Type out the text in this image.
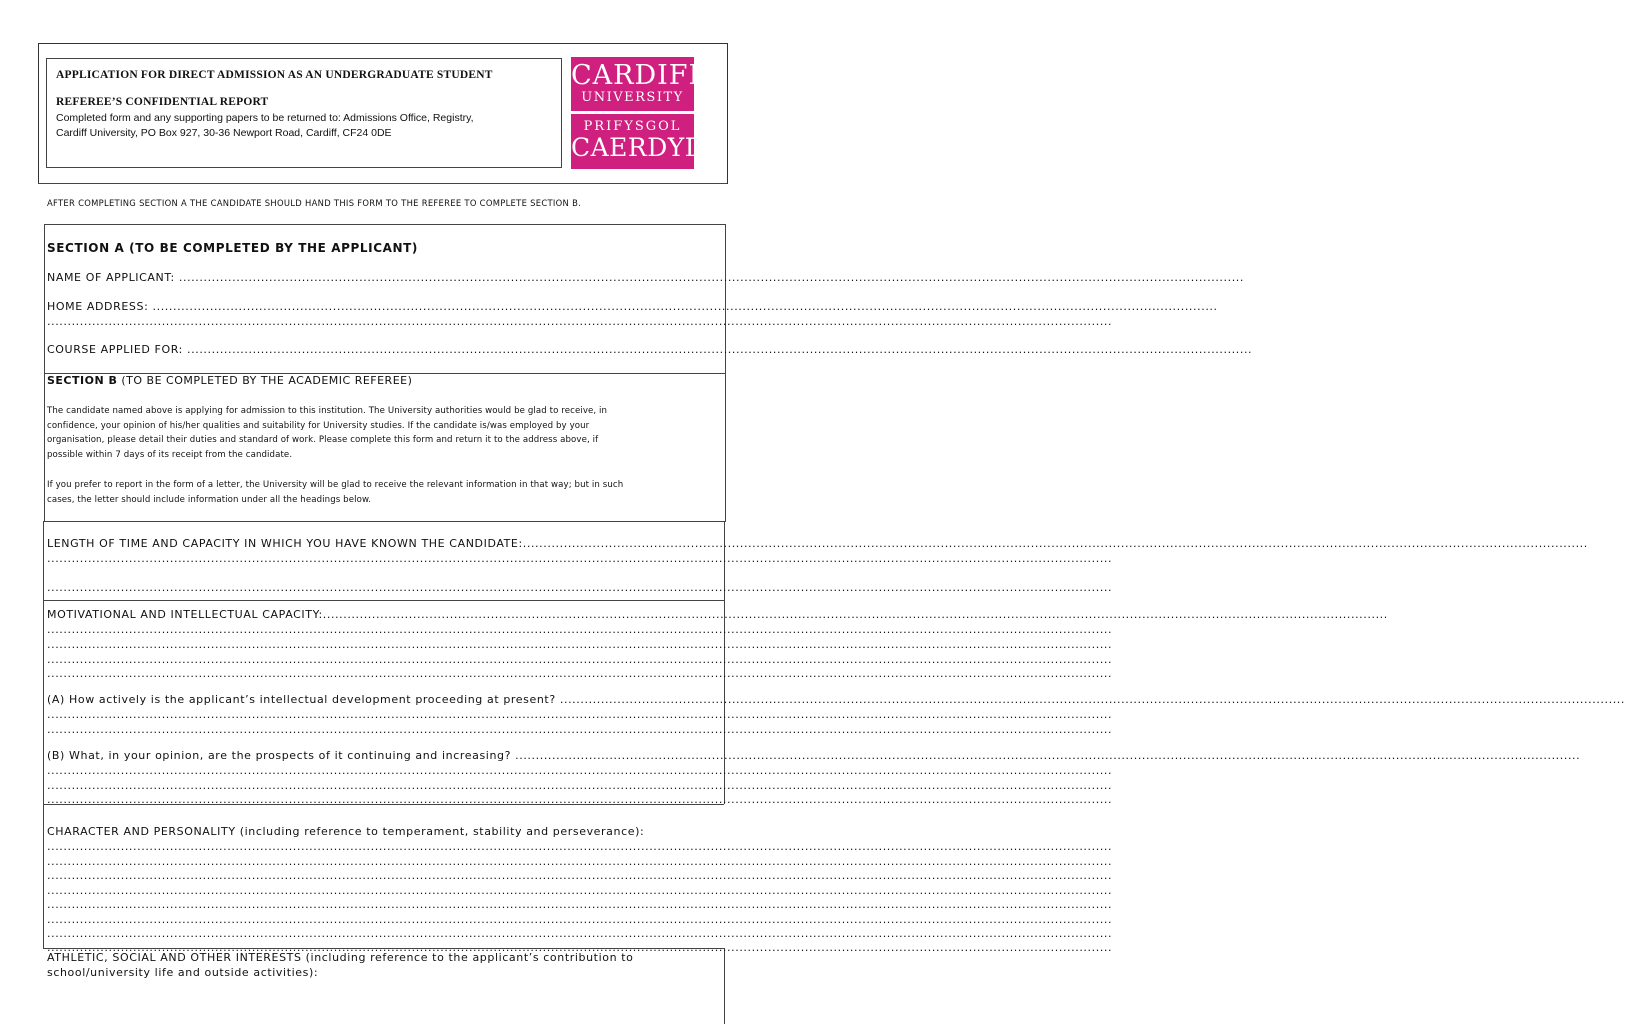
APPLICATION FOR DIRECT ADMISSION AS AN UNDERGRADUATE STUDENT
REFEREE’S CONFIDENTIAL REPORT
Completed form and any supporting papers to be returned to: Admissions Office, Registry,
Cardiff University, PO Box 927, 30-36 Newport Road, Cardiff, CF24 0DE
CARDIFF
UNIVERSITY
PRIFYSGOL
CAERDYDD
AFTER COMPLETING SECTION A THE CANDIDATE SHOULD HAND THIS FORM TO THE REFEREE TO COMPLETE SECTION B.
SECTION A (TO BE COMPLETED BY THE APPLICANT)
NAME OF APPLICANT: ....................................................................................................................................................................................................................................................................
HOME ADDRESS: ....................................................................................................................................................................................................................................................................
....................................................................................................................................................................................................................................................................
COURSE APPLIED FOR: ....................................................................................................................................................................................................................................................................
SECTION B (TO BE COMPLETED BY THE ACADEMIC REFEREE)
The candidate named above is applying for admission to this institution. The University authorities would be glad to receive, in
confidence, your opinion of his/her qualities and suitability for University studies. If the candidate is/was employed by your
organisation, please detail their duties and standard of work. Please complete this form and return it to the address above, if
possible within 7 days of its receipt from the candidate.
If you prefer to report in the form of a letter, the University will be glad to receive the relevant information in that way; but in such
cases, the letter should include information under all the headings below.
LENGTH OF TIME AND CAPACITY IN WHICH YOU HAVE KNOWN THE CANDIDATE:....................................................................................................................................................................................................................................................................
....................................................................................................................................................................................................................................................................
....................................................................................................................................................................................................................................................................
MOTIVATIONAL AND INTELLECTUAL CAPACITY:....................................................................................................................................................................................................................................................................
....................................................................................................................................................................................................................................................................
....................................................................................................................................................................................................................................................................
....................................................................................................................................................................................................................................................................
....................................................................................................................................................................................................................................................................
(A) How actively is the applicant’s intellectual development proceeding at present? ....................................................................................................................................................................................................................................................................
....................................................................................................................................................................................................................................................................
....................................................................................................................................................................................................................................................................
(B) What, in your opinion, are the prospects of it continuing and increasing? ....................................................................................................................................................................................................................................................................
....................................................................................................................................................................................................................................................................
....................................................................................................................................................................................................................................................................
....................................................................................................................................................................................................................................................................
CHARACTER AND PERSONALITY (including reference to temperament, stability and perseverance):
....................................................................................................................................................................................................................................................................
....................................................................................................................................................................................................................................................................
....................................................................................................................................................................................................................................................................
....................................................................................................................................................................................................................................................................
....................................................................................................................................................................................................................................................................
....................................................................................................................................................................................................................................................................
....................................................................................................................................................................................................................................................................
....................................................................................................................................................................................................................................................................
ATHLETIC, SOCIAL AND OTHER INTERESTS (including reference to the applicant’s contribution to
school/university life and outside activities):
